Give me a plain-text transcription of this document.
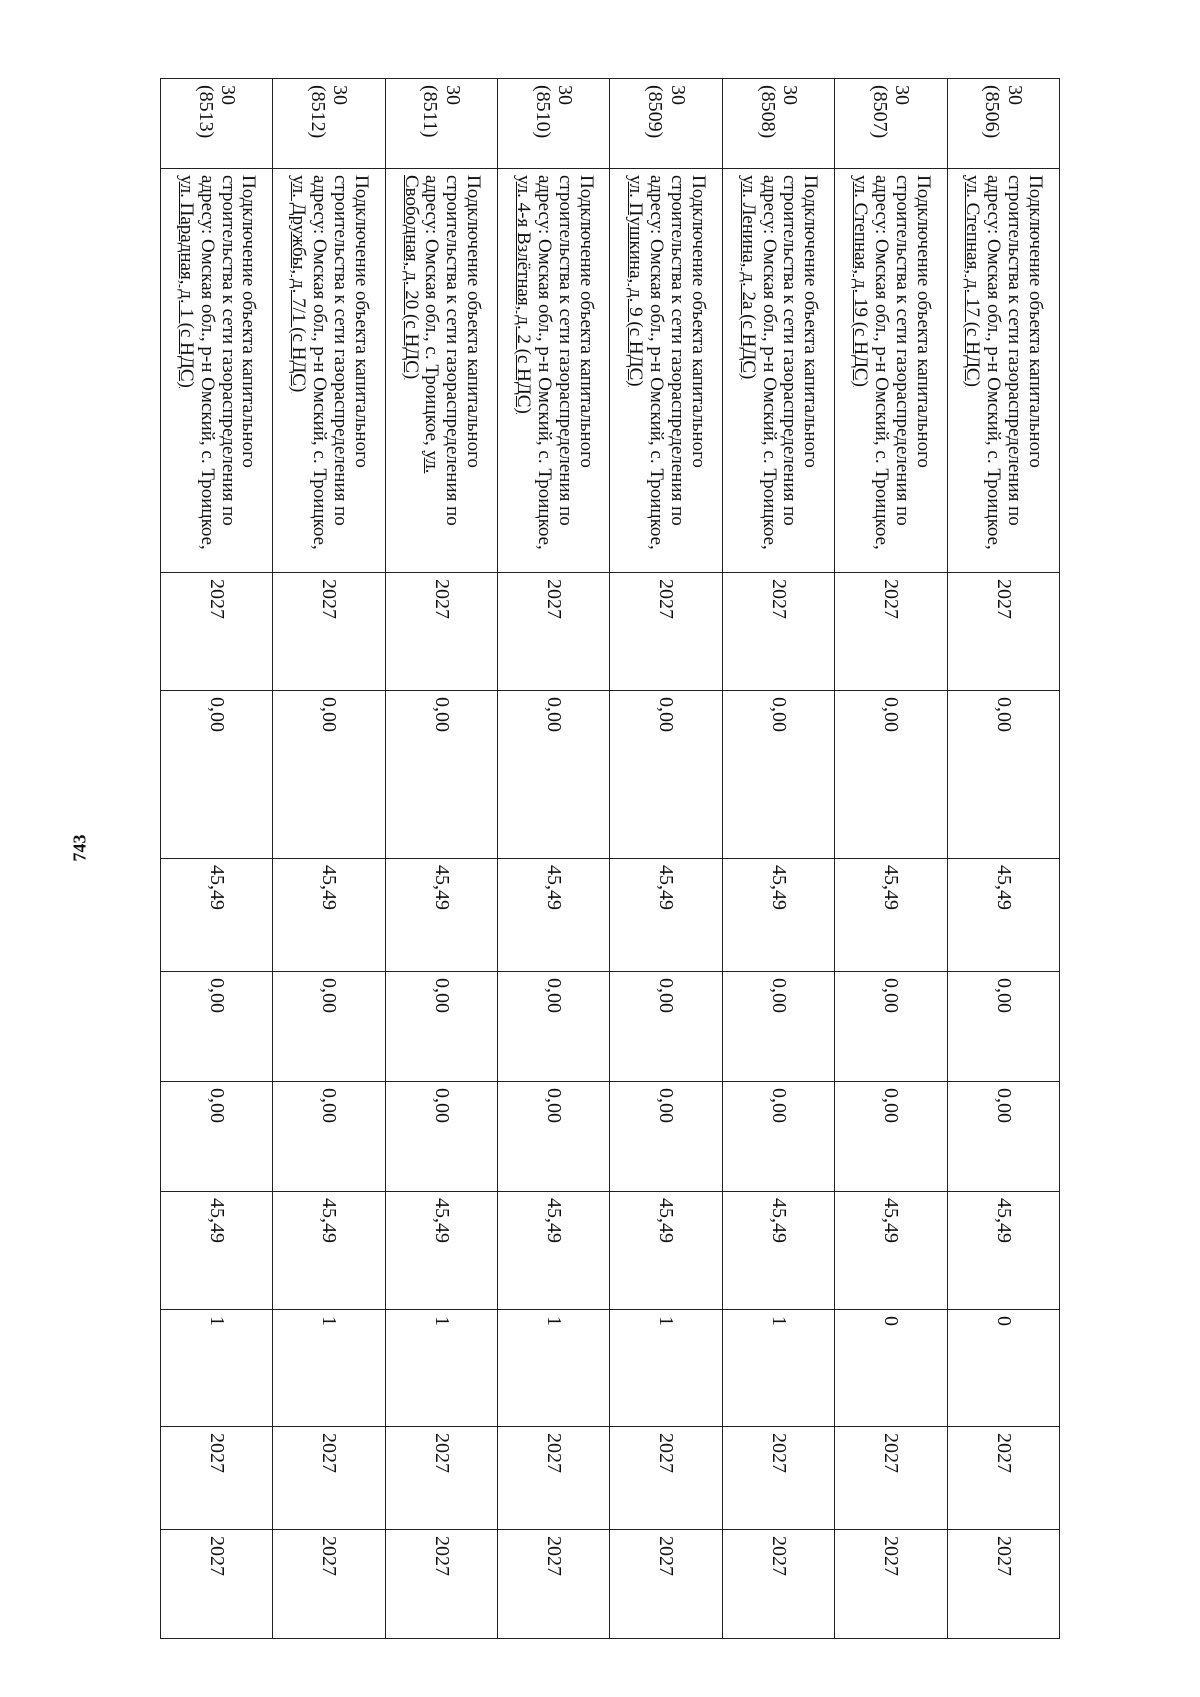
743
30
(8506)	Подключение объекта капитального строительства к сети газораспределения по адресу: Омская обл., р-н Омский, с. Троицкое, ул. Степная, д. 17 (с НДС)	2027	0,00	45,49	0,00	0,00	45,49	0	2027	2027

30
(8507)	Подключение объекта капитального строительства к сети газораспределения по адресу: Омская обл., р-н Омский, с. Троицкое, ул. Степная, д. 19 (с НДС)	2027	0,00	45,49	0,00	0,00	45,49	0	2027	2027

30
(8508)	Подключение объекта капитального строительства к сети газораспределения по адресу: Омская обл., р-н Омский, с. Троицкое, ул. Ленина, д. 2а (с НДС)	2027	0,00	45,49	0,00	0,00	45,49	1	2027	2027

30
(8509)	Подключение объекта капитального строительства к сети газораспределения по адресу: Омская обл., р-н Омский, с. Троицкое, ул. Пушкина, д. 9 (с НДС)	2027	0,00	45,49	0,00	0,00	45,49	1	2027	2027

30
(8510)	Подключение объекта капитального строительства к сети газораспределения по адресу: Омская обл., р-н Омский, с. Троицкое, ул. 4-я Взлётная, д. 2 (с НДС)	2027	0,00	45,49	0,00	0,00	45,49	1	2027	2027

30
(8511)	Подключение объекта капитального строительства к сети газораспределения по адресу: Омская обл., с. Троицкое, ул. Свободная, д. 20 (с НДС)	2027	0,00	45,49	0,00	0,00	45,49	1	2027	2027

30
(8512)	Подключение объекта капитального строительства к сети газораспределения по адресу: Омская обл., р-н Омский, с. Троицкое, ул. Дружбы, д. 7/1 (с НДС)	2027	0,00	45,49	0,00	0,00	45,49	1	2027	2027

30
(8513)	Подключение объекта капитального строительства к сети газораспределения по адресу: Омская обл., р-н Омский, с. Троицкое, ул. Парадная, д. 1 (с НДС)	2027	0,00	45,49	0,00	0,00	45,49	1	2027	2027
